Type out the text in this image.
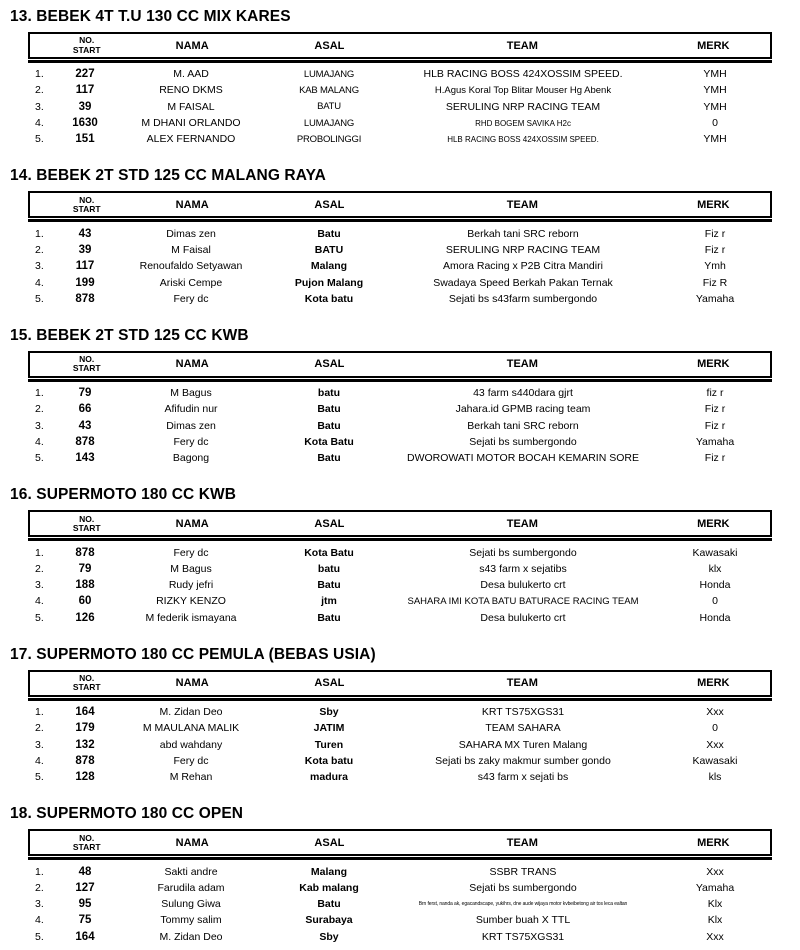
13. BEBEK 4T T.U 130 CC MIX KARES
NO.
START	NAMA	ASAL	TEAM	MERK
1.	227	M. AAD	LUMAJANG	HLB RACING BOSS 424XOSSIM SPEED.	YMH
2.	117	RENO DKMS	KAB MALANG	H.Agus Koral Top Blitar Mouser Hg Abenk	YMH
3.	39	M FAISAL	BATU	SERULING NRP RACING TEAM	YMH
4.	1630	M DHANI ORLANDO	LUMAJANG	RHD BOGEM SAVIKA H2c	0
5.	151	ALEX FERNANDO	PROBOLINGGI	HLB RACING BOSS 424XOSSIM SPEED.	YMH
14. BEBEK 2T STD 125 CC MALANG RAYA
NO.
START	NAMA	ASAL	TEAM	MERK
1.	43	Dimas zen	Batu	Berkah tani SRC reborn	Fiz r
2.	39	M Faisal	BATU	SERULING NRP RACING TEAM	Fiz r
3.	117	Renoufaldo Setyawan	Malang	Amora Racing x P2B Citra Mandiri	Ymh
4.	199	Ariski Cempe	Pujon Malang	Swadaya Speed Berkah Pakan Ternak	Fiz R
5.	878	Fery dc	Kota batu	Sejati bs s43farm sumbergondo	Yamaha
15. BEBEK 2T STD 125 CC KWB
NO.
START	NAMA	ASAL	TEAM	MERK
1.	79	M Bagus	batu	43 farm s440dara gjrt	fiz r
2.	66	Afifudin nur	Batu	Jahara.id GPMB racing team	Fiz r
3.	43	Dimas zen	Batu	Berkah tani SRC reborn	Fiz r
4.	878	Fery dc	Kota Batu	Sejati bs sumbergondo	Yamaha
5.	143	Bagong	Batu	DWOROWATI MOTOR BOCAH KEMARIN SORE	Fiz r
16. SUPERMOTO 180 CC KWB
NO.
START	NAMA	ASAL	TEAM	MERK
1.	878	Fery dc	Kota Batu	Sejati bs sumbergondo	Kawasaki
2.	79	M Bagus	batu	s43 farm x sejatibs	klx
3.	188	Rudy jefri	Batu	Desa bulukerto crt	Honda
4.	60	RIZKY KENZO	jtm	SAHARA IMI KOTA BATU BATURACE RACING TEAM	0
5.	126	M federik ismayana	Batu	Desa bulukerto crt	Honda
17. SUPERMOTO 180 CC PEMULA (BEBAS USIA)
NO.
START	NAMA	ASAL	TEAM	MERK
1.	164	M. Zidan Deo	Sby	KRT TS75XGS31	Xxx
2.	179	M MAULANA MALIK	JATIM	TEAM SAHARA	0
3.	132	abd wahdany	Turen	SAHARA MX Turen Malang	Xxx
4.	878	Fery dc	Kota batu	Sejati bs zaky makmur sumber gondo	Kawasaki
5.	128	M Rehan	madura	s43 farm x sejati bs	kls
18. SUPERMOTO 180 CC OPEN
NO.
START	NAMA	ASAL	TEAM	MERK
1.	48	Sakti andre	Malang	SSBR TRANS	Xxx
2.	127	Farudila adam	Kab malang	Sejati bs sumbergondo	Yamaha
3.	95	Sulung Giwa	Batu	Brn ferst, nanda ak, egacandscape, yukihrs, dne aude wijaya motor kvbeibetong air tos leca ealtan	Klx
4.	75	Tommy salim	Surabaya	Sumber buah X TTL	Klx
5.	164	M. Zidan Deo	Sby	KRT TS75XGS31	Xxx
